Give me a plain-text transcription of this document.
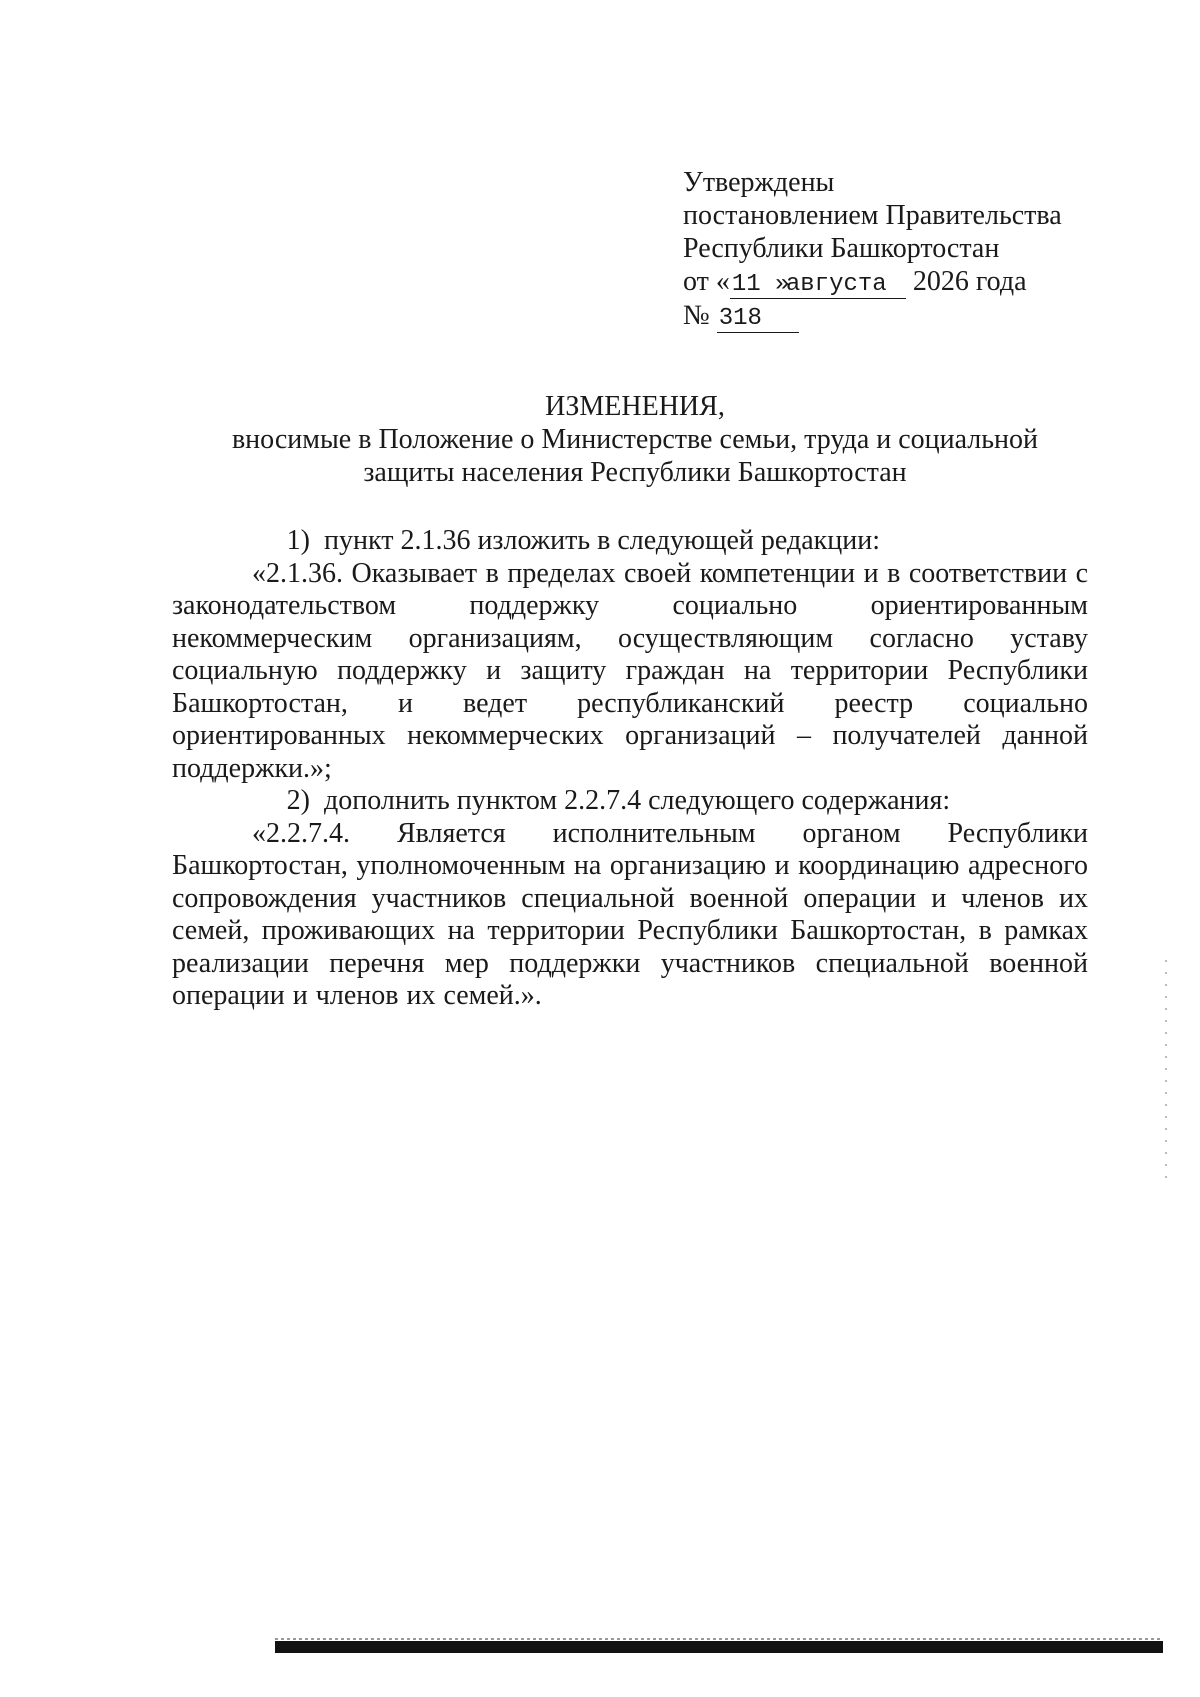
Утверждены
постановлением Правительства
Республики Башкортостан
от «11 »августа 2026 года
№ 318
ИЗМЕНЕНИЯ,
вносимые в Положение о Министерстве семьи, труда и социальной
защиты населения Республики Башкортостан
1) пункт 2.1.36 изложить в следующей редакции:
«2.1.36. Оказывает в пределах своей компетенции и в соответствии с законодательством поддержку социально ориентированным некоммерческим организациям, осуществляющим согласно уставу социальную поддержку и защиту граждан на территории Республики Башкортостан, и ведет республиканский реестр социально ориентированных некоммерческих организаций – получателей данной поддержки.»;
2) дополнить пунктом 2.2.7.4 следующего содержания:
«2.2.7.4. Является исполнительным органом Республики Башкортостан, уполномоченным на организацию и координацию адресного сопровождения участников специальной военной операции и членов их семей, проживающих на территории Республики Башкортостан, в рамках реализации перечня мер поддержки участников специальной военной операции и членов их семей.».
